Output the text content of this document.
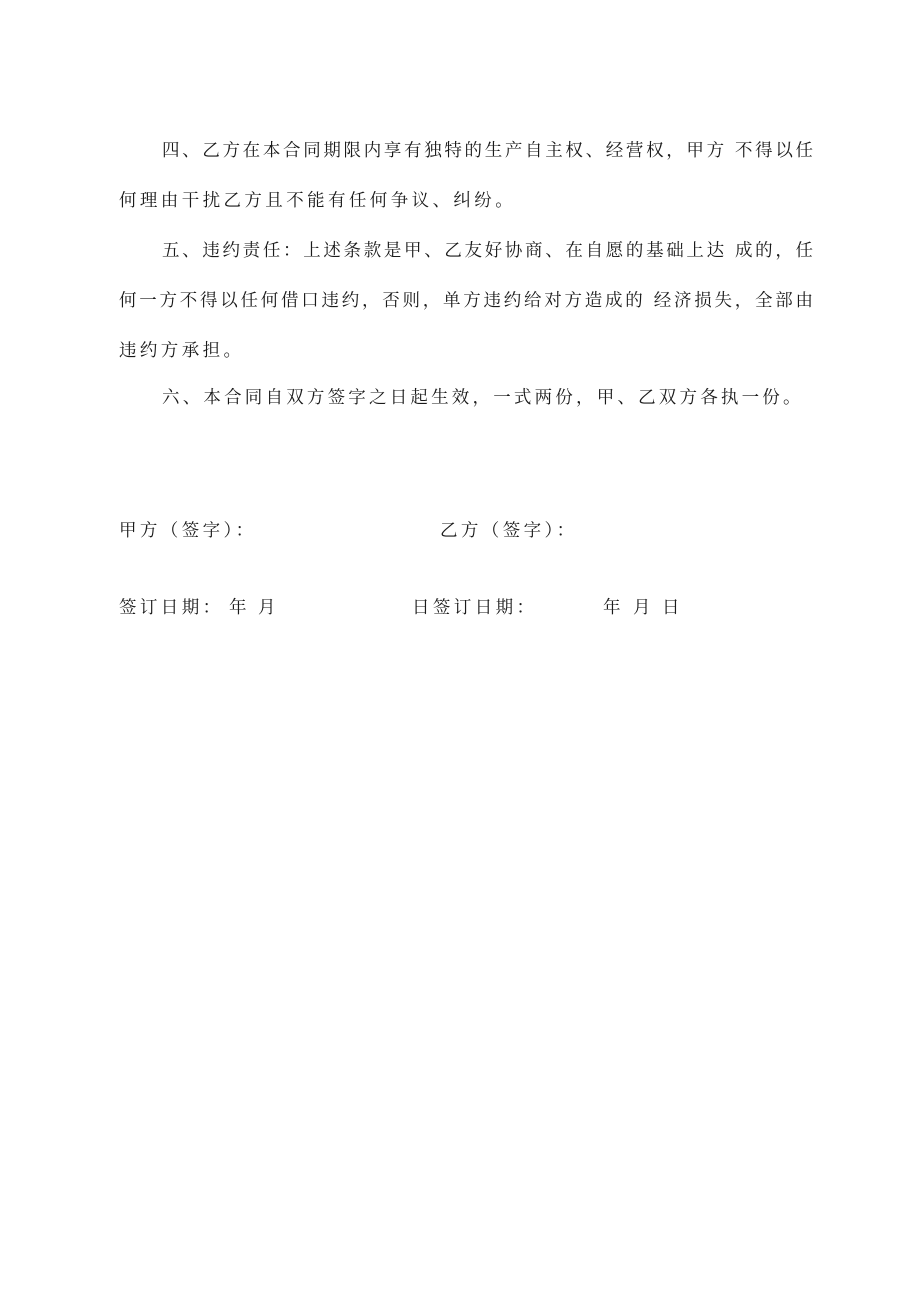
四、乙方在本合同期限内享有独特的生产自主权、经营权，甲方 不得以任
何理由干扰乙方且不能有任何争议、纠纷。
五、违约责任：上述条款是甲、乙友好协商、在自愿的基础上达 成的，任
何一方不得以任何借口违约，否则，单方违约给对方造成的 经济损失，全部由
违约方承担。
六、本合同自双方签字之日起生效，一式两份，甲、乙双方各执一份。
甲方（签字）：	乙方（签字）：
签订日期： 年 月	日签订日期：	年 月 日
